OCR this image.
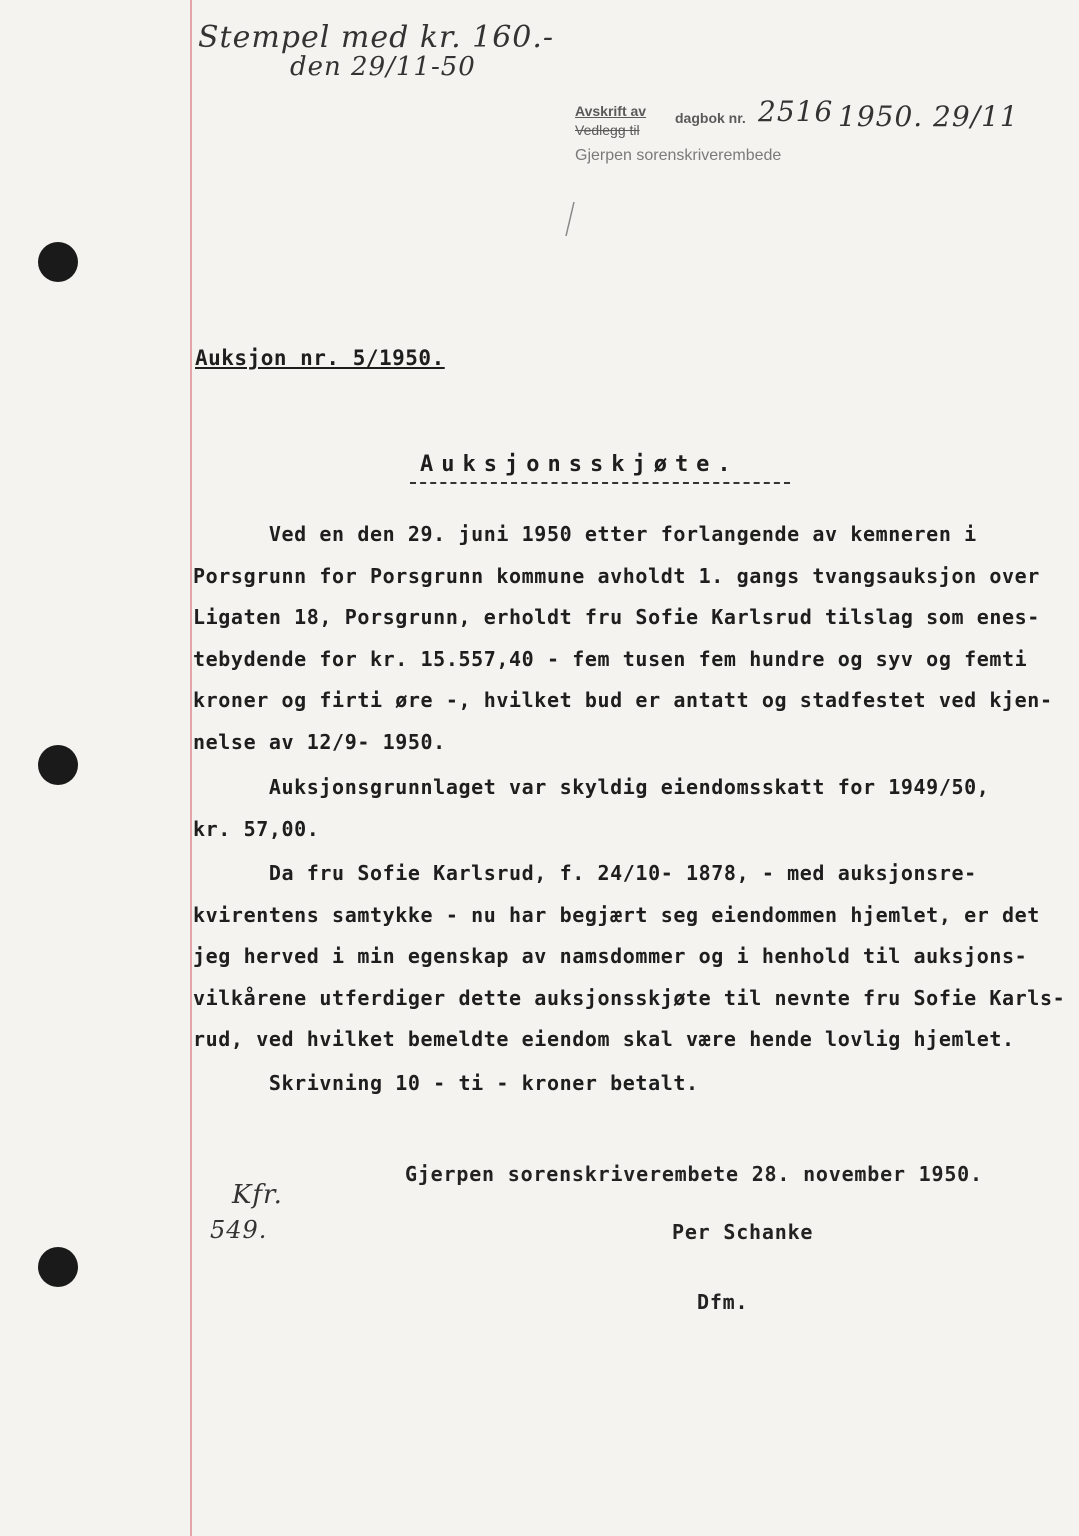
Stempel med kr. 160.-
den 29/11-50
Avskrift av
Vedlegg til
dagbok nr. 2516 1950. 29/11
Gjerpen sorenskriverembede
Auksjon nr. 5/1950.
Auksjonsskjøte.
Ved en den 29. juni 1950 etter forlangende av kemneren i
Porsgrunn for Porsgrunn kommune avholdt 1. gangs tvangsauksjon over
Ligaten 18, Porsgrunn, erholdt fru Sofie Karlsrud tilslag som enes-
tebydende for kr. 15.557,40 - fem tusen fem hundre og syv og femti
kroner og firti øre -, hvilket bud er antatt og stadfestet ved kjen-
nelse av 12/9- 1950.
Auksjonsgrunnlaget var skyldig eiendomsskatt for 1949/50,
kr. 57,00.
Da fru Sofie Karlsrud, f. 24/10- 1878, - med auksjonsre-
kvirentens samtykke - nu har begjært seg eiendommen hjemlet, er det
jeg herved i min egenskap av namsdommer og i henhold til auksjons-
vilkårene utferdiger dette auksjonsskjøte til nevnte fru Sofie Karls-
rud, ved hvilket bemeldte eiendom skal være hende lovlig hjemlet.
Skrivning 10 - ti - kroner betalt.
Gjerpen sorenskriverembete 28. november 1950.
Per Schanke
Dfm.
Kfr.
549.
